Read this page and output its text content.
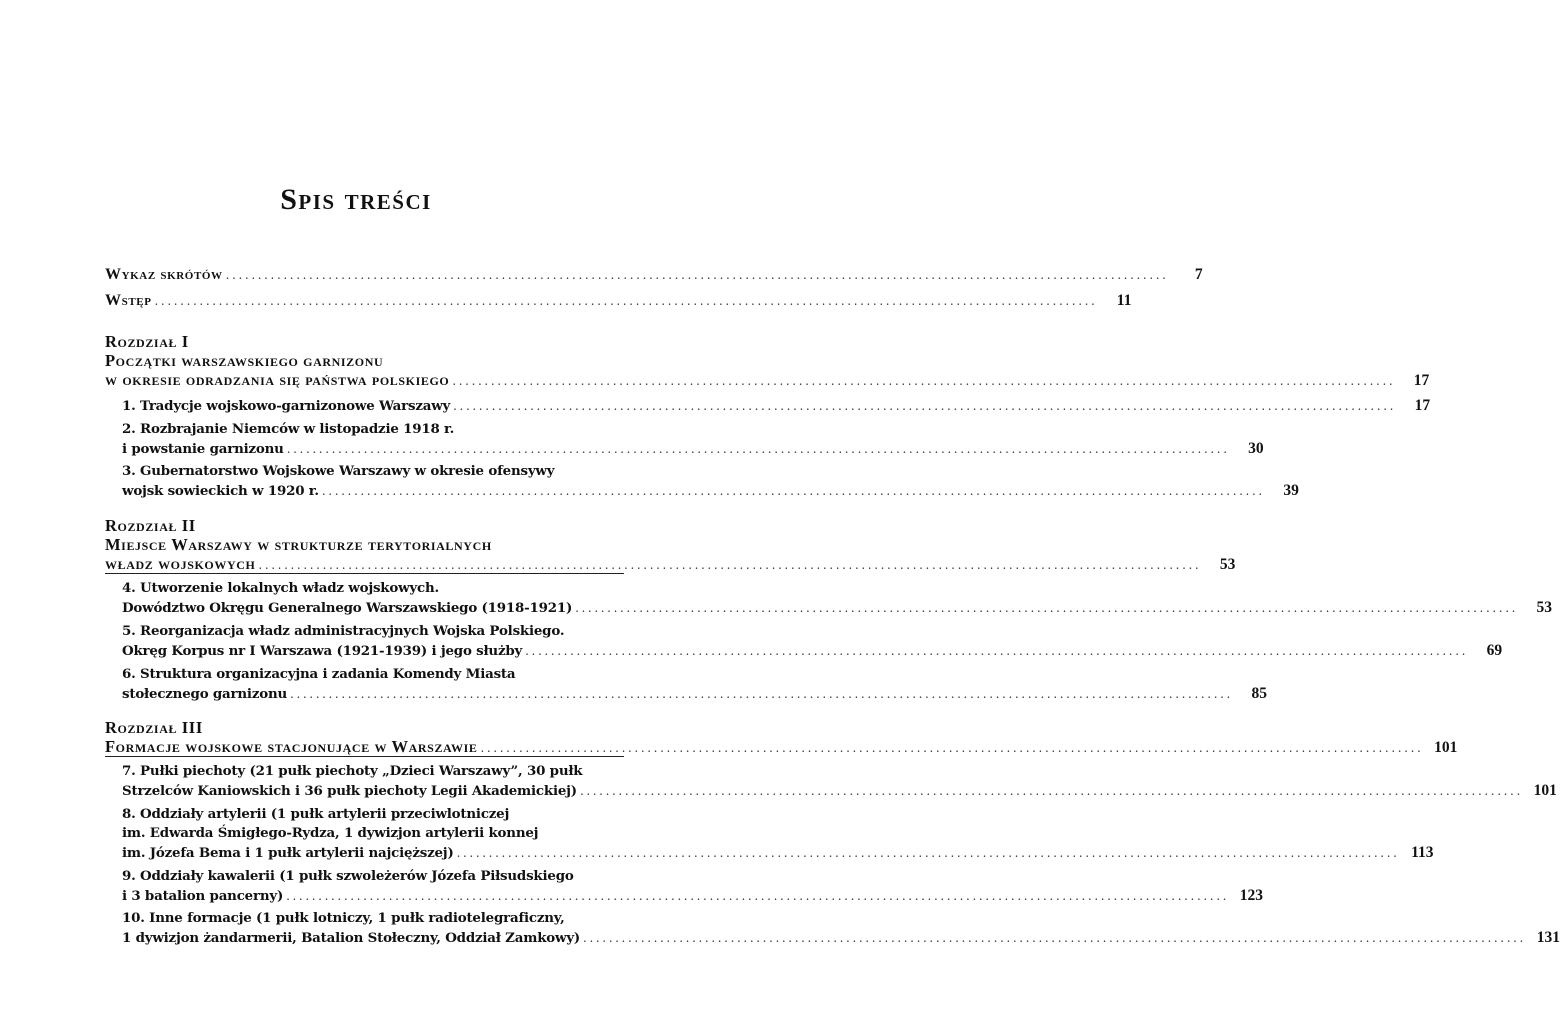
Spis treści
Wykaz skrótów ...................................................................................................................................................	7
Wstęp ...................................................................................................................................................	11
Rozdział I
Początki warszawskiego garnizonu
w okresie odradzania się państwa polskiego ...................................................................................................................................................	17
1. Tradycje wojskowo-garnizonowe Warszawy ...................................................................................................................................................	17
2. Rozbrajanie Niemców w listopadzie 1918 r.
i powstanie garnizonu ...................................................................................................................................................	30
3. Gubernatorstwo Wojskowe Warszawy w okresie ofensywy
wojsk sowieckich w 1920 r. ...................................................................................................................................................	39
Rozdział II
Miejsce Warszawy w strukturze terytorialnych
władz wojskowych ...................................................................................................................................................	53
4. Utworzenie lokalnych władz wojskowych.
Dowództwo Okręgu Generalnego Warszawskiego (1918-1921) ...................................................................................................................................................	53
5. Reorganizacja władz administracyjnych Wojska Polskiego.
Okręg Korpus nr I Warszawa (1921-1939) i jego służby ...................................................................................................................................................	69
6. Struktura organizacyjna i zadania Komendy Miasta
stołecznego garnizonu ...................................................................................................................................................	85
Rozdział III
Formacje wojskowe stacjonujące w Warszawie ................................................................................................................................................... 101
7. Pułki piechoty (21 pułk piechoty „Dzieci Warszawy”, 30 pułk
Strzelców Kaniowskich i 36 pułk piechoty Legii Akademickiej) ................................................................................................................................................... 101
8. Oddziały artylerii (1 pułk artylerii przeciwlotniczej
im. Edwarda Śmigłego-Rydza, 1 dywizjon artylerii konnej
im. Józefa Bema i 1 pułk artylerii najcięższej) ................................................................................................................................................... 113
9. Oddziały kawalerii (1 pułk szwoleżerów Józefa Piłsudskiego
i 3 batalion pancerny) ................................................................................................................................................... 123
10. Inne formacje (1 pułk lotniczy, 1 pułk radiotelegraficzny,
1 dywizjon żandarmerii, Batalion Stołeczny, Oddział Zamkowy) ................................................................................................................................................... 131
